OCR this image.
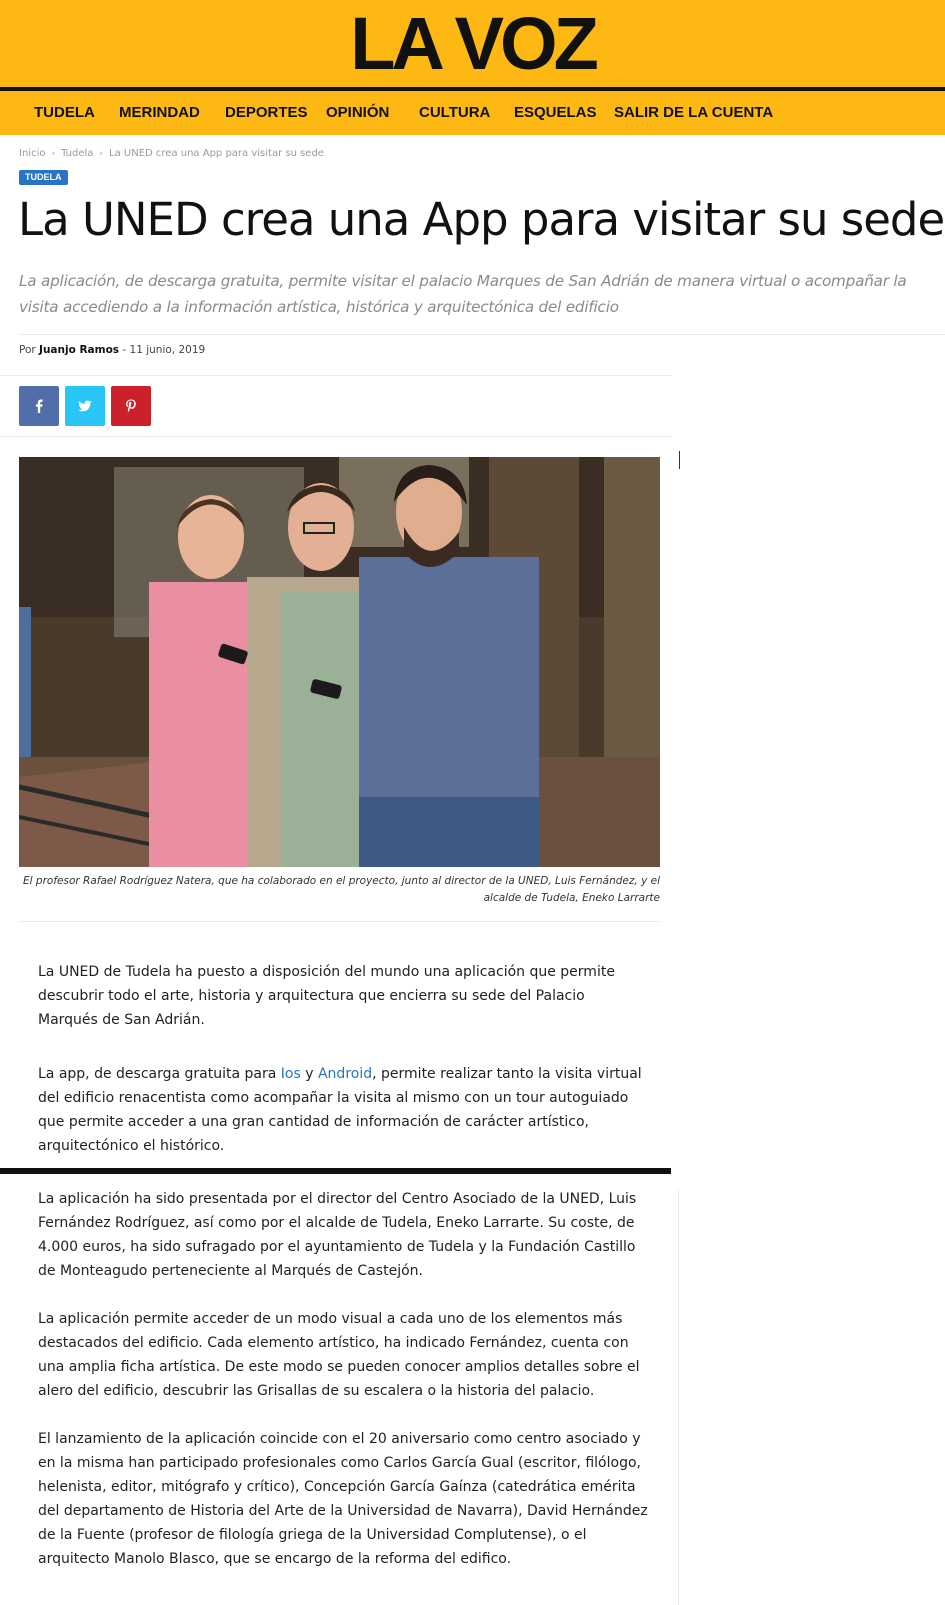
LA VOZ
TUDELA MERINDAD DEPORTES OPINIÓN CULTURA ESQUELAS SALIR DE LA CUENTA
Inicio › Tudela › La UNED crea una App para visitar su sede
TUDELA
La UNED crea una App para visitar su sede
La aplicación, de descarga gratuita, permite visitar el palacio Marques de San Adrián de manera virtual o acompañar la visita accediendo a la información artística, histórica y arquitectónica del edificio
Por Juanjo Ramos - 11 junio, 2019
El profesor Rafael Rodríguez Natera, que ha colaborado en el proyecto, junto al director de la UNED, Luis Fernández, y el alcalde de Tudela, Eneko Larrarte

La UNED de Tudela ha puesto a disposición del mundo una aplicación que permite descubrir todo el arte, historia y arquitectura que encierra su sede del Palacio Marqués de San Adrián.

La app, de descarga gratuita para Ios y Android, permite realizar tanto la visita virtual del edificio renacentista como acompañar la visita al mismo con un tour autoguiado que permite acceder a una gran cantidad de información de carácter artístico, arquitectónico el histórico.

La aplicación ha sido presentada por el director del Centro Asociado de la UNED, Luis Fernández Rodríguez, así como por el alcalde de Tudela, Eneko Larrarte. Su coste, de 4.000 euros, ha sido sufragado por el ayuntamiento de Tudela y la Fundación Castillo de Monteagudo perteneciente al Marqués de Castejón.

La aplicación permite acceder de un modo visual a cada uno de los elementos más destacados del edificio. Cada elemento artístico, ha indicado Fernández, cuenta con una amplia ficha artística. De este modo se pueden conocer amplios detalles sobre el alero del edificio, descubrir las Grisallas de su escalera o la historia del palacio.

El lanzamiento de la aplicación coincide con el 20 aniversario como centro asociado y en la misma han participado profesionales como Carlos García Gual (escritor, filólogo, helenista, editor, mitógrafo y crítico), Concepción García Gaínza (catedrática emérita del departamento de Historia del Arte de la Universidad de Navarra), David Hernández de la Fuente (profesor de filología griega de la Universidad Complutense), o el arquitecto Manolo Blasco, que se encargo de la reforma del edifico.
